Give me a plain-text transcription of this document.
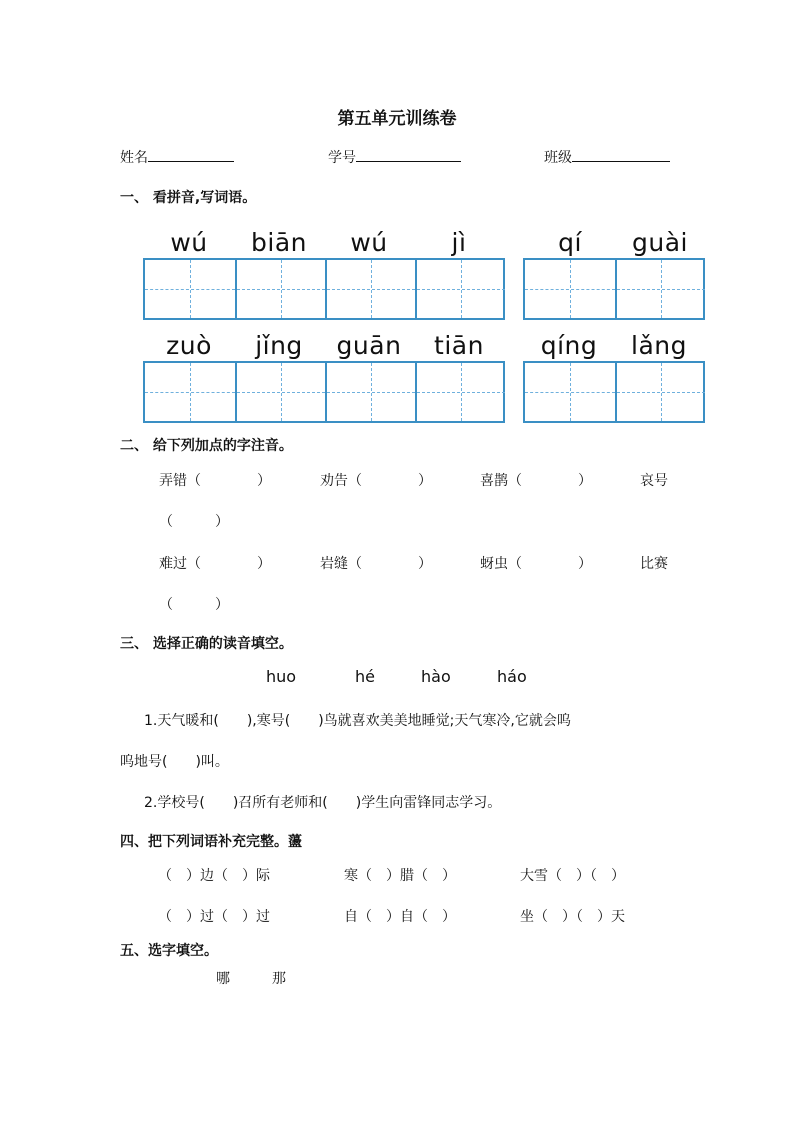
第五单元训练卷
姓名	学号	班级
一、 看拼音,写词语。
wú	biān	wú	jì	qí	guài
zuò	jǐng	guān	tiān	qíng	lǎng
二、 给下列加点的字注音。
弄错（　　　　）	劝告（　　　　）	喜鹊（　　　　）	哀号
（　　　）
难过（　　　　）	岩缝（　　　　）	蚜虫（　　　　）	比赛
（　　　）
三、 选择正确的读音填空。
huo	hé	hào	háo
1.天气暖和(　　),寒号(　　)鸟就喜欢美美地睡觉;天气寒冷,它就会呜
呜地号(　　)叫。
2.学校号(　　)召所有老师和(　　)学生向雷锋同志学习。
四、把下列词语补充完整。蘯
（　）边（　）际	寒（　）腊（　）	大雪（　）（　）
（　）过（　）过	自（　）自（　）	坐（　）（　）天
五、选字填空。
哪	那
